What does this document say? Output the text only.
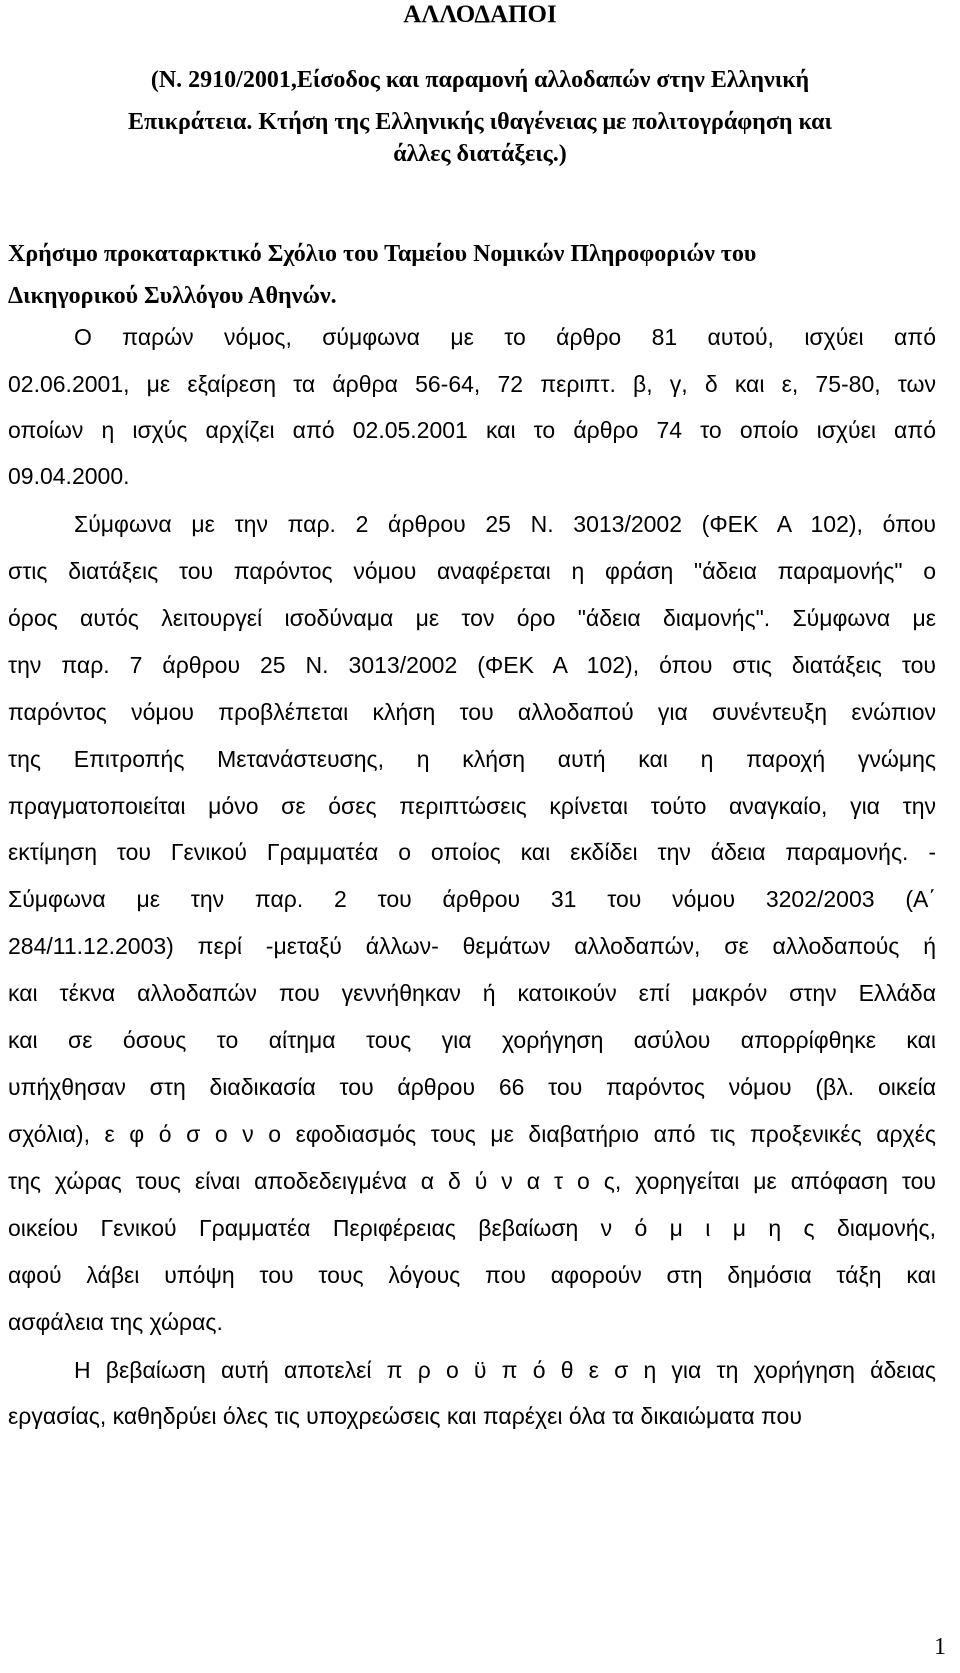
ΑΛΛΟΔΑΠΟΙ
(Ν. 2910/2001,Είσοδος και παραμονή αλλοδαπών στην Ελληνική
Επικράτεια. Κτήση της Ελληνικής ιθαγένειας με πολιτογράφηση και
άλλες διατάξεις.)
Χρήσιμο προκαταρκτικό Σχόλιο του Ταμείου Νομικών Πληροφοριών του
Δικηγορικού Συλλόγου Αθηνών.
Ο παρών νόμος, σύμφωνα με το άρθρο 81 αυτού, ισχύει από
02.06.2001, με εξαίρεση τα άρθρα 56-64, 72 περιπτ. β, γ, δ και ε, 75-80, των
οποίων η ισχύς αρχίζει από 02.05.2001 και το άρθρο 74 το οποίο ισχύει από
09.04.2000.
Σύμφωνα με την παρ. 2 άρθρου 25 Ν. 3013/2002 (ΦΕΚ Α 102), όπου
στις διατάξεις του παρόντος νόμου αναφέρεται η φράση "άδεια παραμονής" ο
όρος αυτός λειτουργεί ισοδύναμα με τον όρο "άδεια διαμονής". Σύμφωνα με
την παρ. 7 άρθρου 25 Ν. 3013/2002 (ΦΕΚ Α 102), όπου στις διατάξεις του
παρόντος νόμου προβλέπεται κλήση του αλλοδαπού για συνέντευξη ενώπιον
της Επιτροπής Μετανάστευσης, η κλήση αυτή και η παροχή γνώμης
πραγματοποιείται μόνο σε όσες περιπτώσεις κρίνεται τούτο αναγκαίο, για την
εκτίμηση του Γενικού Γραμματέα ο οποίος και εκδίδει την άδεια παραμονής. -
Σύμφωνα με την παρ. 2 του άρθρου 31 του νόμου 3202/2003 (Α΄
284/11.12.2003) περί -μεταξύ άλλων- θεμάτων αλλοδαπών, σε αλλοδαπούς ή
και τέκνα αλλοδαπών που γεννήθηκαν ή κατοικούν επί μακρόν στην Ελλάδα
και σε όσους το αίτημα τους για χορήγηση ασύλου απορρίφθηκε και
υπήχθησαν στη διαδικασία του άρθρου 66 του παρόντος νόμου (βλ. οικεία
σχόλια), ε φ ό σ ο ν ο εφοδιασμός τους με διαβατήριο από τις προξενικές αρχές
της χώρας τους είναι αποδεδειγμένα α δ ύ ν α τ ο ς, χορηγείται με απόφαση του
οικείου Γενικού Γραμματέα Περιφέρειας βεβαίωση ν ό μ ι μ η ς διαμονής,
αφού λάβει υπόψη του τους λόγους που αφορούν στη δημόσια τάξη και
ασφάλεια της χώρας.
Η βεβαίωση αυτή αποτελεί π ρ ο ϋ π ό θ ε σ η για τη χορήγηση άδειας
εργασίας, καθηδρύει όλες τις υποχρεώσεις και παρέχει όλα τα δικαιώματα που
1
